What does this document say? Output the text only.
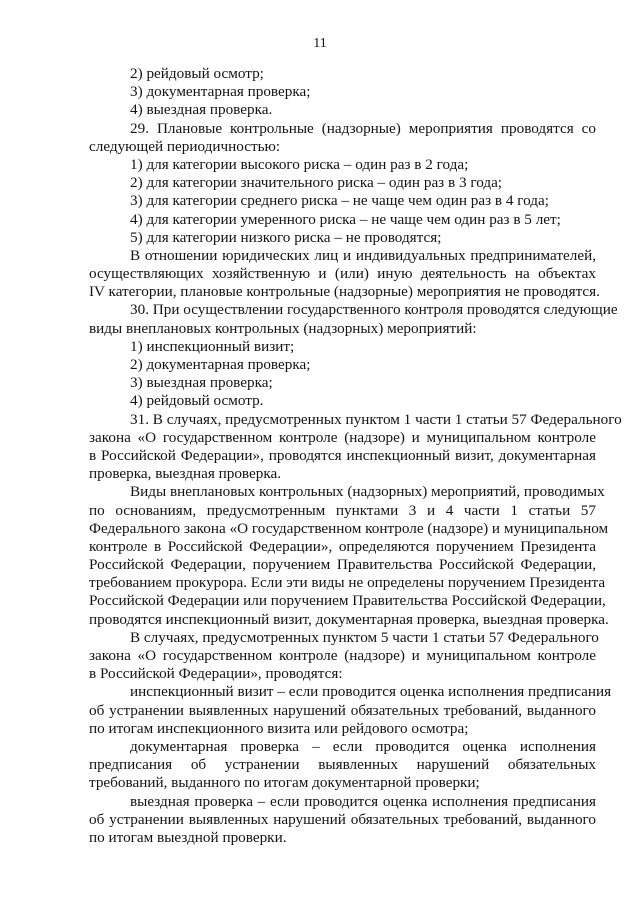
11
2) рейдовый осмотр;
3) документарная проверка;
4) выездная проверка.
29. Плановые контрольные (надзорные) мероприятия проводятся со
следующей периодичностью:
1) для категории высокого риска – один раз в 2 года;
2) для категории значительного риска – один раз в 3 года;
3) для категории среднего риска – не чаще чем один раз в 4 года;
4) для категории умеренного риска – не чаще чем один раз в 5 лет;
5) для категории низкого риска – не проводятся;
В отношении юридических лиц и индивидуальных предпринимателей,
осуществляющих хозяйственную и (или) иную деятельность на объектах
IV категории, плановые контрольные (надзорные) мероприятия не проводятся.
30. При осуществлении государственного контроля проводятся следующие
виды внеплановых контрольных (надзорных) мероприятий:
1) инспекционный визит;
2) документарная проверка;
3) выездная проверка;
4) рейдовый осмотр.
31. В случаях, предусмотренных пунктом 1 части 1 статьи 57 Федерального
закона «О государственном контроле (надзоре) и муниципальном контроле
в Российской Федерации», проводятся инспекционный визит, документарная
проверка, выездная проверка.
Виды внеплановых контрольных (надзорных) мероприятий, проводимых
по основаниям, предусмотренным пунктами 3 и 4 части 1 статьи 57
Федерального закона «О государственном контроле (надзоре) и муниципальном
контроле в Российской Федерации», определяются поручением Президента
Российской Федерации, поручением Правительства Российской Федерации,
требованием прокурора. Если эти виды не определены поручением Президента
Российской Федерации или поручением Правительства Российской Федерации,
проводятся инспекционный визит, документарная проверка, выездная проверка.
В случаях, предусмотренных пунктом 5 части 1 статьи 57 Федерального
закона «О государственном контроле (надзоре) и муниципальном контроле
в Российской Федерации», проводятся:
инспекционный визит – если проводится оценка исполнения предписания
об устранении выявленных нарушений обязательных требований, выданного
по итогам инспекционного визита или рейдового осмотра;
документарная проверка – если проводится оценка исполнения
предписания об устранении выявленных нарушений обязательных
требований, выданного по итогам документарной проверки;
выездная проверка – если проводится оценка исполнения предписания
об устранении выявленных нарушений обязательных требований, выданного
по итогам выездной проверки.
